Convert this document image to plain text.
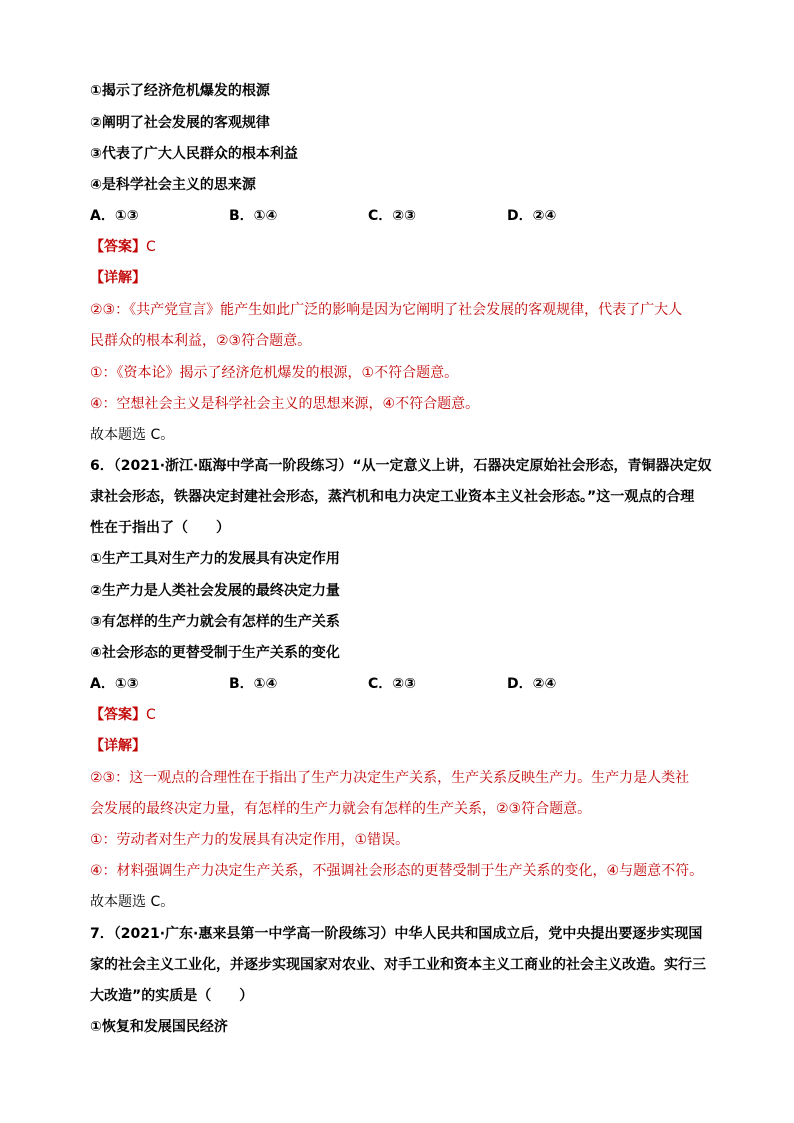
①揭示了经济危机爆发的根源
②阐明了社会发展的客观规律
③代表了广大人民群众的根本利益
④是科学社会主义的思来源
A．①③	B．①④	C．②③	D．②④
【答案】C
【详解】
②③：《共产党宣言》能产生如此广泛的影响是因为它阐明了社会发展的客观规律，代表了广大人
民群众的根本利益，②③符合题意。
①：《资本论》揭示了经济危机爆发的根源，①不符合题意。
④：空想社会主义是科学社会主义的思想来源，④不符合题意。
故本题选 C。
6．（2021·浙江·瓯海中学高一阶段练习）“从一定意义上讲，石器决定原始社会形态，青铜器决定奴
隶社会形态，铁器决定封建社会形态，蒸汽机和电力决定工业资本主义社会形态。”这一观点的合理
性在于指出了（　　）
①生产工具对生产力的发展具有决定作用
②生产力是人类社会发展的最终决定力量
③有怎样的生产力就会有怎样的生产关系
④社会形态的更替受制于生产关系的变化
A．①③	B．①④	C．②③	D．②④
【答案】C
【详解】
②③：这一观点的合理性在于指出了生产力决定生产关系，生产关系反映生产力。生产力是人类社
会发展的最终决定力量，有怎样的生产力就会有怎样的生产关系，②③符合题意。
①：劳动者对生产力的发展具有决定作用，①错误。
④：材料强调生产力决定生产关系，不强调社会形态的更替受制于生产关系的变化，④与题意不符。
故本题选 C。
7．（2021·广东·惠来县第一中学高一阶段练习）中华人民共和国成立后，党中央提出要逐步实现国
家的社会主义工业化，并逐步实现国家对农业、对手工业和资本主义工商业的社会主义改造。实行三
大改造”的实质是（　　）
①恢复和发展国民经济
